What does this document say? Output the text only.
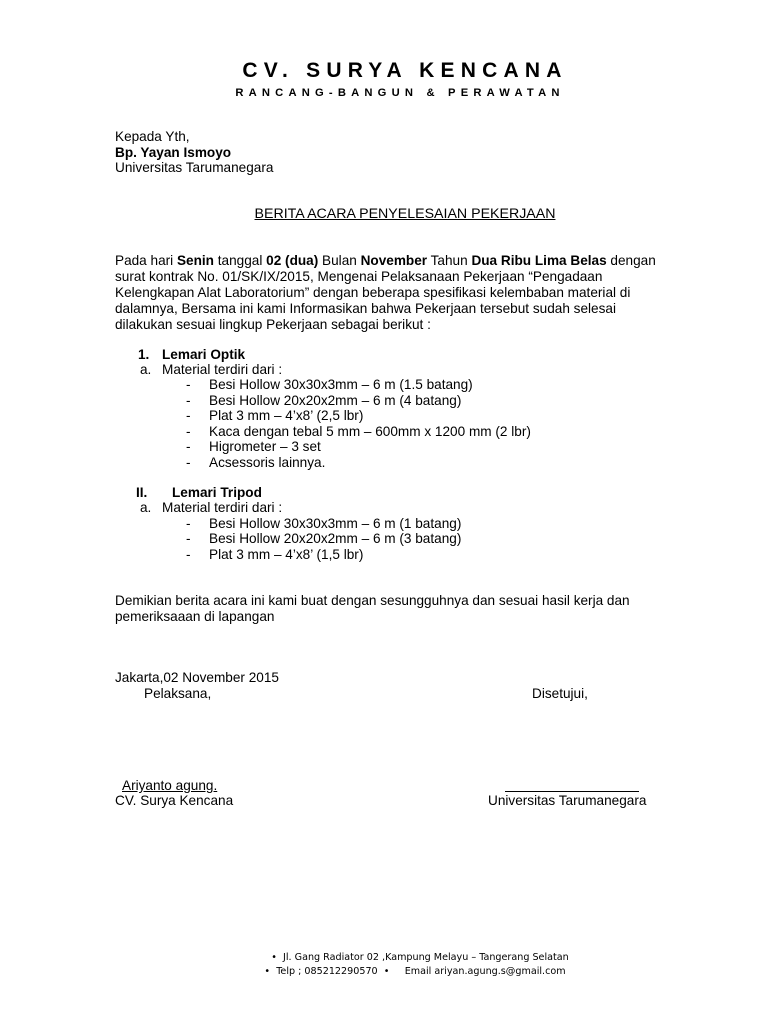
CV. SURYA KENCANA
RANCANG-BANGUN & PERAWATAN
Kepada Yth,
Bp. Yayan Ismoyo
Universitas Tarumanegara
BERITA ACARA PENYELESAIAN PEKERJAAN
Pada hari Senin tanggal 02 (dua) Bulan November Tahun Dua Ribu Lima Belas dengan
surat kontrak No. 01/SK/IX/2015, Mengenai Pelaksanaan Pekerjaan “Pengadaan
Kelengkapan Alat Laboratorium” dengan beberapa spesifikasi kelembaban material di
dalamnya, Bersama ini kami Informasikan bahwa Pekerjaan tersebut sudah selesai
dilakukan sesuai lingkup Pekerjaan sebagai berikut :
1. Lemari Optik
a. Material terdiri dari :
- Besi Hollow 30x30x3mm – 6 m (1.5 batang)
- Besi Hollow 20x20x2mm – 6 m (4 batang)
- Plat 3 mm – 4’x8’ (2,5 lbr)
- Kaca dengan tebal 5 mm – 600mm x 1200 mm (2 lbr)
- Higrometer – 3 set
- Acsessoris lainnya.
II. Lemari Tripod
a. Material terdiri dari :
- Besi Hollow 30x30x3mm – 6 m (1 batang)
- Besi Hollow 20x20x2mm – 6 m (3 batang)
- Plat 3 mm – 4’x8’ (1,5 lbr)
Demikian berita acara ini kami buat dengan sesungguhnya dan sesuai hasil kerja dan
pemeriksaaan di lapangan
Jakarta,02 November 2015
Pelaksana,	Disetujui,
Ariyanto agung.
CV. Surya Kencana	Universitas Tarumanegara
• Jl. Gang Radiator 02 ,Kampung Melayu – Tangerang Selatan
• Telp ; 085212290570 • Email ariyan.agung.s@gmail.com
